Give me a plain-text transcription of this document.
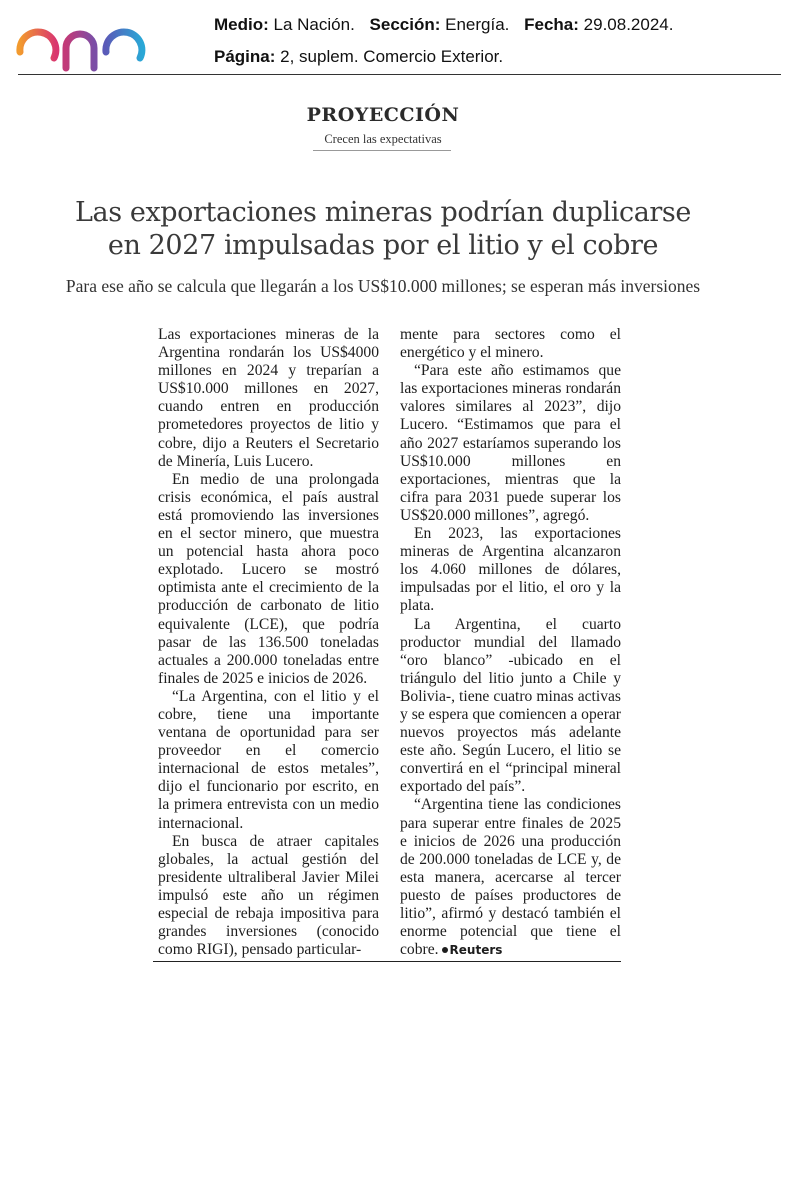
Medio: La Nación. Sección: Energía. Fecha: 29.08.2024.
Página: 2, suplem. Comercio Exterior.
PROYECCIÓN
Crecen las expectativas
Las exportaciones mineras podrían duplicarse
en 2027 impulsadas por el litio y el cobre
Para ese año se calcula que llegarán a los US$10.000 millones; se esperan más inversiones

Las exportaciones mineras de la Argentina rondarán los US$4000 millones en 2024 y treparían a US$10.000 millones en 2027, cuando entren en producción prometedores proyectos de litio y cobre, dijo a Reuters el Secretario de Minería, Luis Lucero.

En medio de una prolongada crisis económica, el país austral está promoviendo las inversiones en el sector minero, que muestra un potencial hasta ahora poco explotado. Lucero se mostró optimista ante el crecimiento de la producción de carbonato de litio equivalente (LCE), que podría pasar de las 136.500 toneladas actuales a 200.000 toneladas entre finales de 2025 e inicios de 2026.

“La Argentina, con el litio y el cobre, tiene una importante ventana de oportunidad para ser proveedor en el comercio internacional de estos metales”, dijo el funcionario por escrito, en la primera entrevista con un medio internacional.

En busca de atraer capitales globales, la actual gestión del presidente ultraliberal Javier Milei impulsó este año un régimen especial de rebaja impositiva para grandes inversiones (conocido como RIGI), pensado particular-

mente para sectores como el energético y el minero.

“Para este año estimamos que las exportaciones mineras rondarán valores similares al 2023”, dijo Lucero. “Estimamos que para el año 2027 estaríamos superando los US$10.000 millones en exportaciones, mientras que la cifra para 2031 puede superar los US$20.000 millones”, agregó.

En 2023, las exportaciones mineras de Argentina alcanzaron los 4.060 millones de dólares, impulsadas por el litio, el oro y la plata.

La Argentina, el cuarto productor mundial del llamado “oro blanco” -ubicado en el triángulo del litio junto a Chile y Bolivia-, tiene cuatro minas activas y se espera que comiencen a operar nuevos proyectos más adelante este año. Según Lucero, el litio se convertirá en el “principal mineral exportado del país”.

“Argentina tiene las condiciones para superar entre finales de 2025 e inicios de 2026 una producción de 200.000 toneladas de LCE y, de esta manera, acercarse al tercer puesto de países productores de litio”, afirmó y destacó también el enorme potencial que tiene el cobre. Reuters
